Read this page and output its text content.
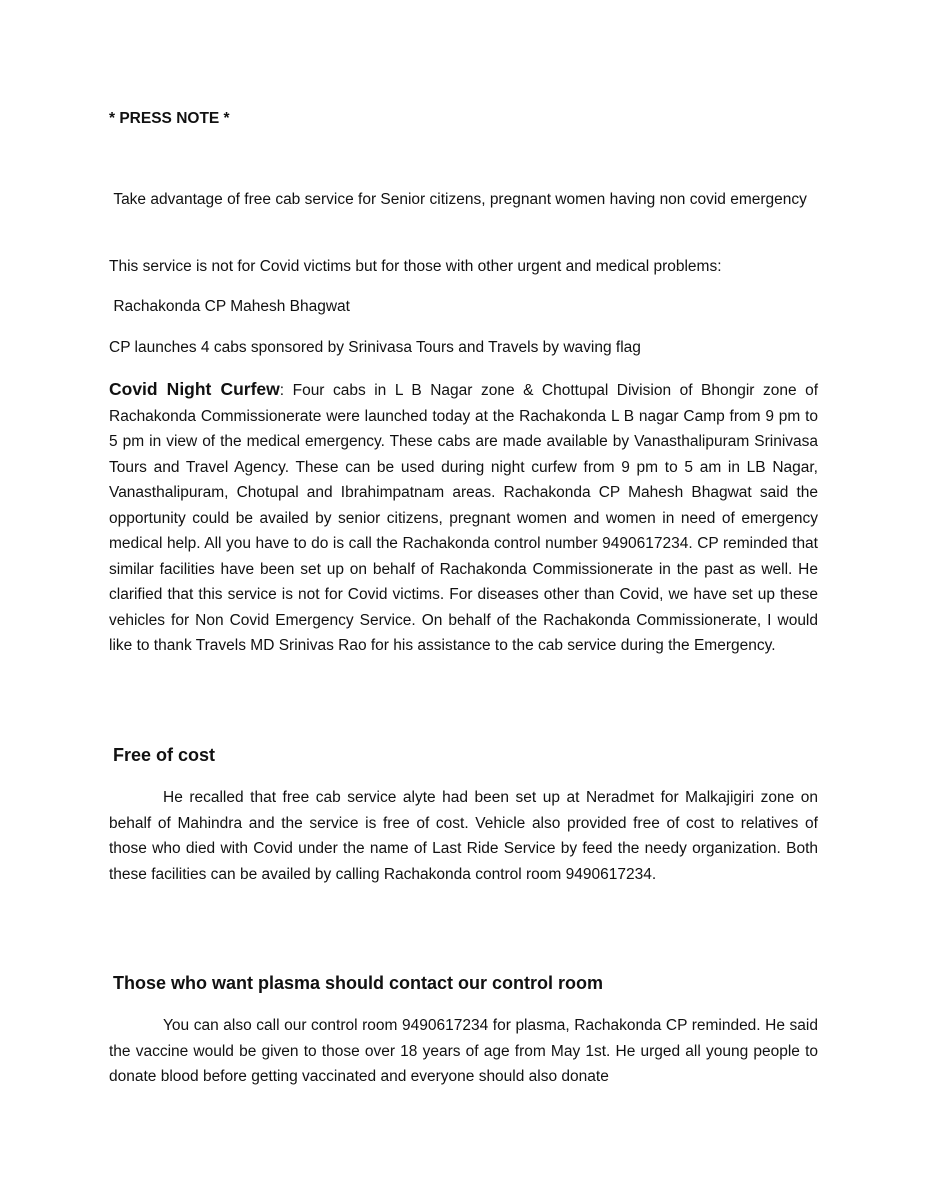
* PRESS NOTE *

Take advantage of free cab service for Senior citizens, pregnant women having non covid emergency

This service is not for Covid victims but for those with other urgent and medical problems:

Rachakonda CP Mahesh Bhagwat

CP launches 4 cabs sponsored by Srinivasa Tours and Travels by waving flag

Covid Night Curfew: Four cabs in L B Nagar zone & Chottupal Division of Bhongir zone of Rachakonda Commissionerate were launched today at the Rachakonda L B nagar Camp from 9 pm to 5 pm in view of the medical emergency. These cabs are made available by Vanasthalipuram Srinivasa Tours and Travel Agency. These can be used during night curfew from 9 pm to 5 am in LB Nagar, Vanasthalipuram, Chotupal and Ibrahimpatnam areas. Rachakonda CP Mahesh Bhagwat said the opportunity could be availed by senior citizens, pregnant women and women in need of emergency medical help. All you have to do is call the Rachakonda control number 9490617234. CP reminded that similar facilities have been set up on behalf of Rachakonda Commissionerate in the past as well. He clarified that this service is not for Covid victims. For diseases other than Covid, we have set up these vehicles for Non Covid Emergency Service. On behalf of the Rachakonda Commissionerate, I would like to thank Travels MD Srinivas Rao for his assistance to the cab service during the Emergency.

Free of cost

He recalled that free cab service alyte had been set up at Neradmet for Malkajigiri zone on behalf of Mahindra and the service is free of cost. Vehicle also provided free of cost to relatives of those who died with Covid under the name of Last Ride Service by feed the needy organization. Both these facilities can be availed by calling Rachakonda control room 9490617234.

Those who want plasma should contact our control room

You can also call our control room 9490617234 for plasma, Rachakonda CP reminded. He said the vaccine would be given to those over 18 years of age from May 1st. He urged all young people to donate blood before getting vaccinated and everyone should also donate
